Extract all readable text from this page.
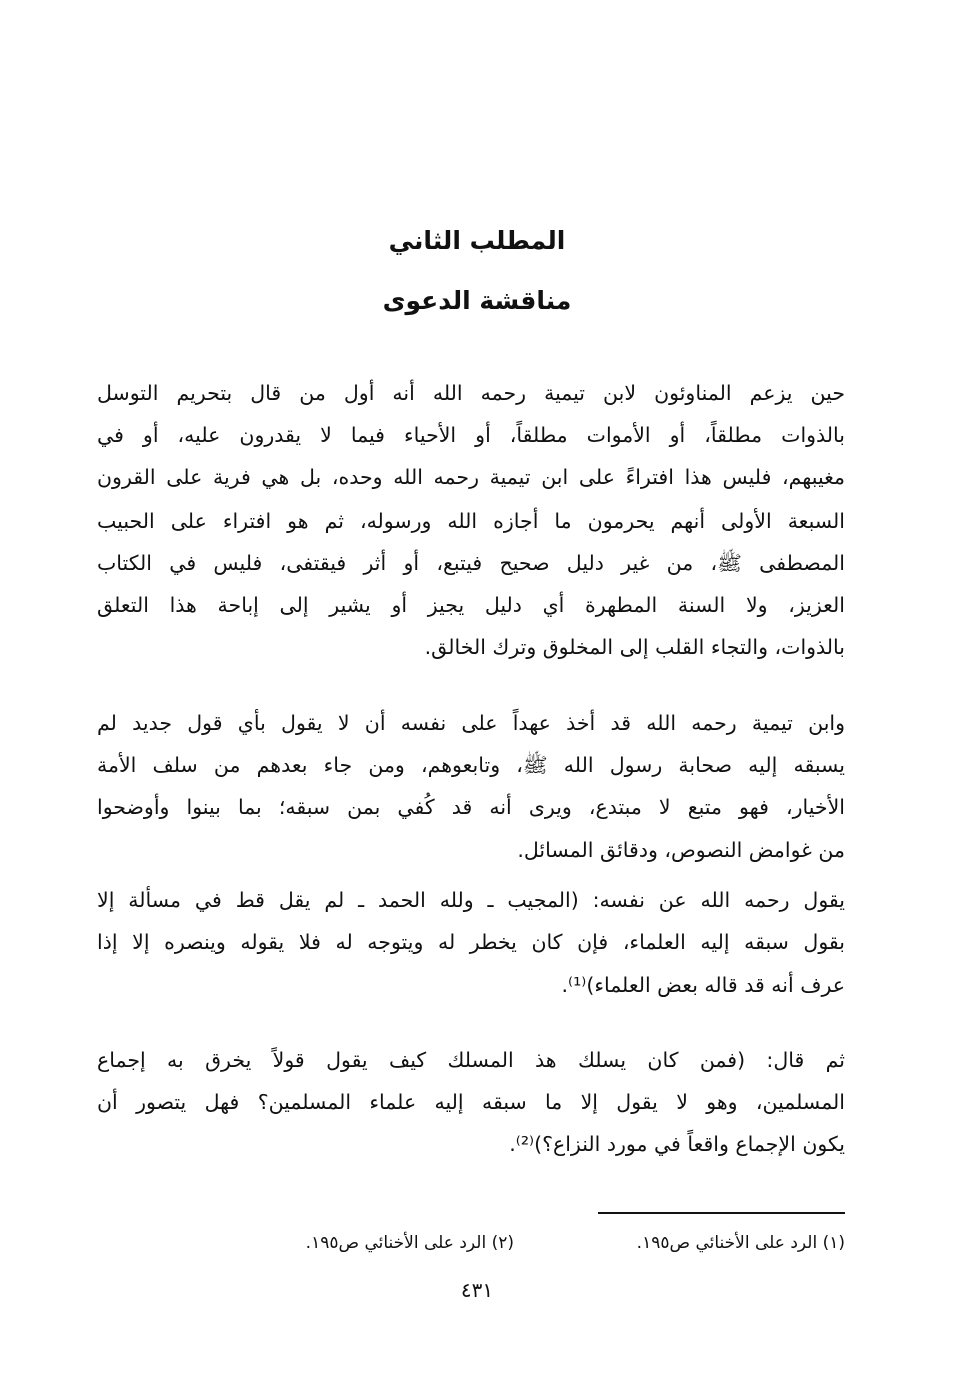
المطلب الثاني
مناقشة الدعوى
حين يزعم المناوئون لابن تيمية رحمه الله أنه أول من قال بتحريم التوسل
بالذوات مطلقاً، أو الأموات مطلقاً، أو الأحياء فيما لا يقدرون عليه، أو في
مغيبهم، فليس هذا افتراءً على ابن تيمية رحمه الله وحده، بل هي فرية على القرون
السبعة الأولى أنهم يحرمون ما أجازه الله ورسوله، ثم هو افتراء على الحبيب
المصطفى ﷺ، من غير دليل صحيح فيتبع، أو أثر فيقتفى، فليس في الكتاب
العزيز، ولا السنة المطهرة أي دليل يجيز أو يشير إلى إباحة هذا التعلق
بالذوات، والتجاء القلب إلى المخلوق وترك الخالق.
وابن تيمية رحمه الله قد أخذ عهداً على نفسه أن لا يقول بأي قول جديد لم
يسبقه إليه صحابة رسول الله ﷺ، وتابعوهم، ومن جاء بعدهم من سلف الأمة
الأخيار، فهو متبع لا مبتدع، ويرى أنه قد كُفي بمن سبقه؛ بما بينوا وأوضحوا
من غوامض النصوص، ودقائق المسائل.
يقول رحمه الله عن نفسه: (المجيب ـ ولله الحمد ـ لم يقل قط في مسألة إلا
بقول سبقه إليه العلماء، فإن كان يخطر له ويتوجه له فلا يقوله وينصره إلا إذا
عرف أنه قد قاله بعض العلماء)⁽¹⁾.
ثم قال: (فمن كان يسلك هذ المسلك كيف يقول قولاً يخرق به إجماع
المسلمين، وهو لا يقول إلا ما سبقه إليه علماء المسلمين؟ فهل يتصور أن
يكون الإجماع واقعاً في مورد النزاع؟)⁽²⁾.
(١) الرد على الأخنائي ص١٩٥.
(٢) الرد على الأخنائي ص١٩٥.
٤٣١
